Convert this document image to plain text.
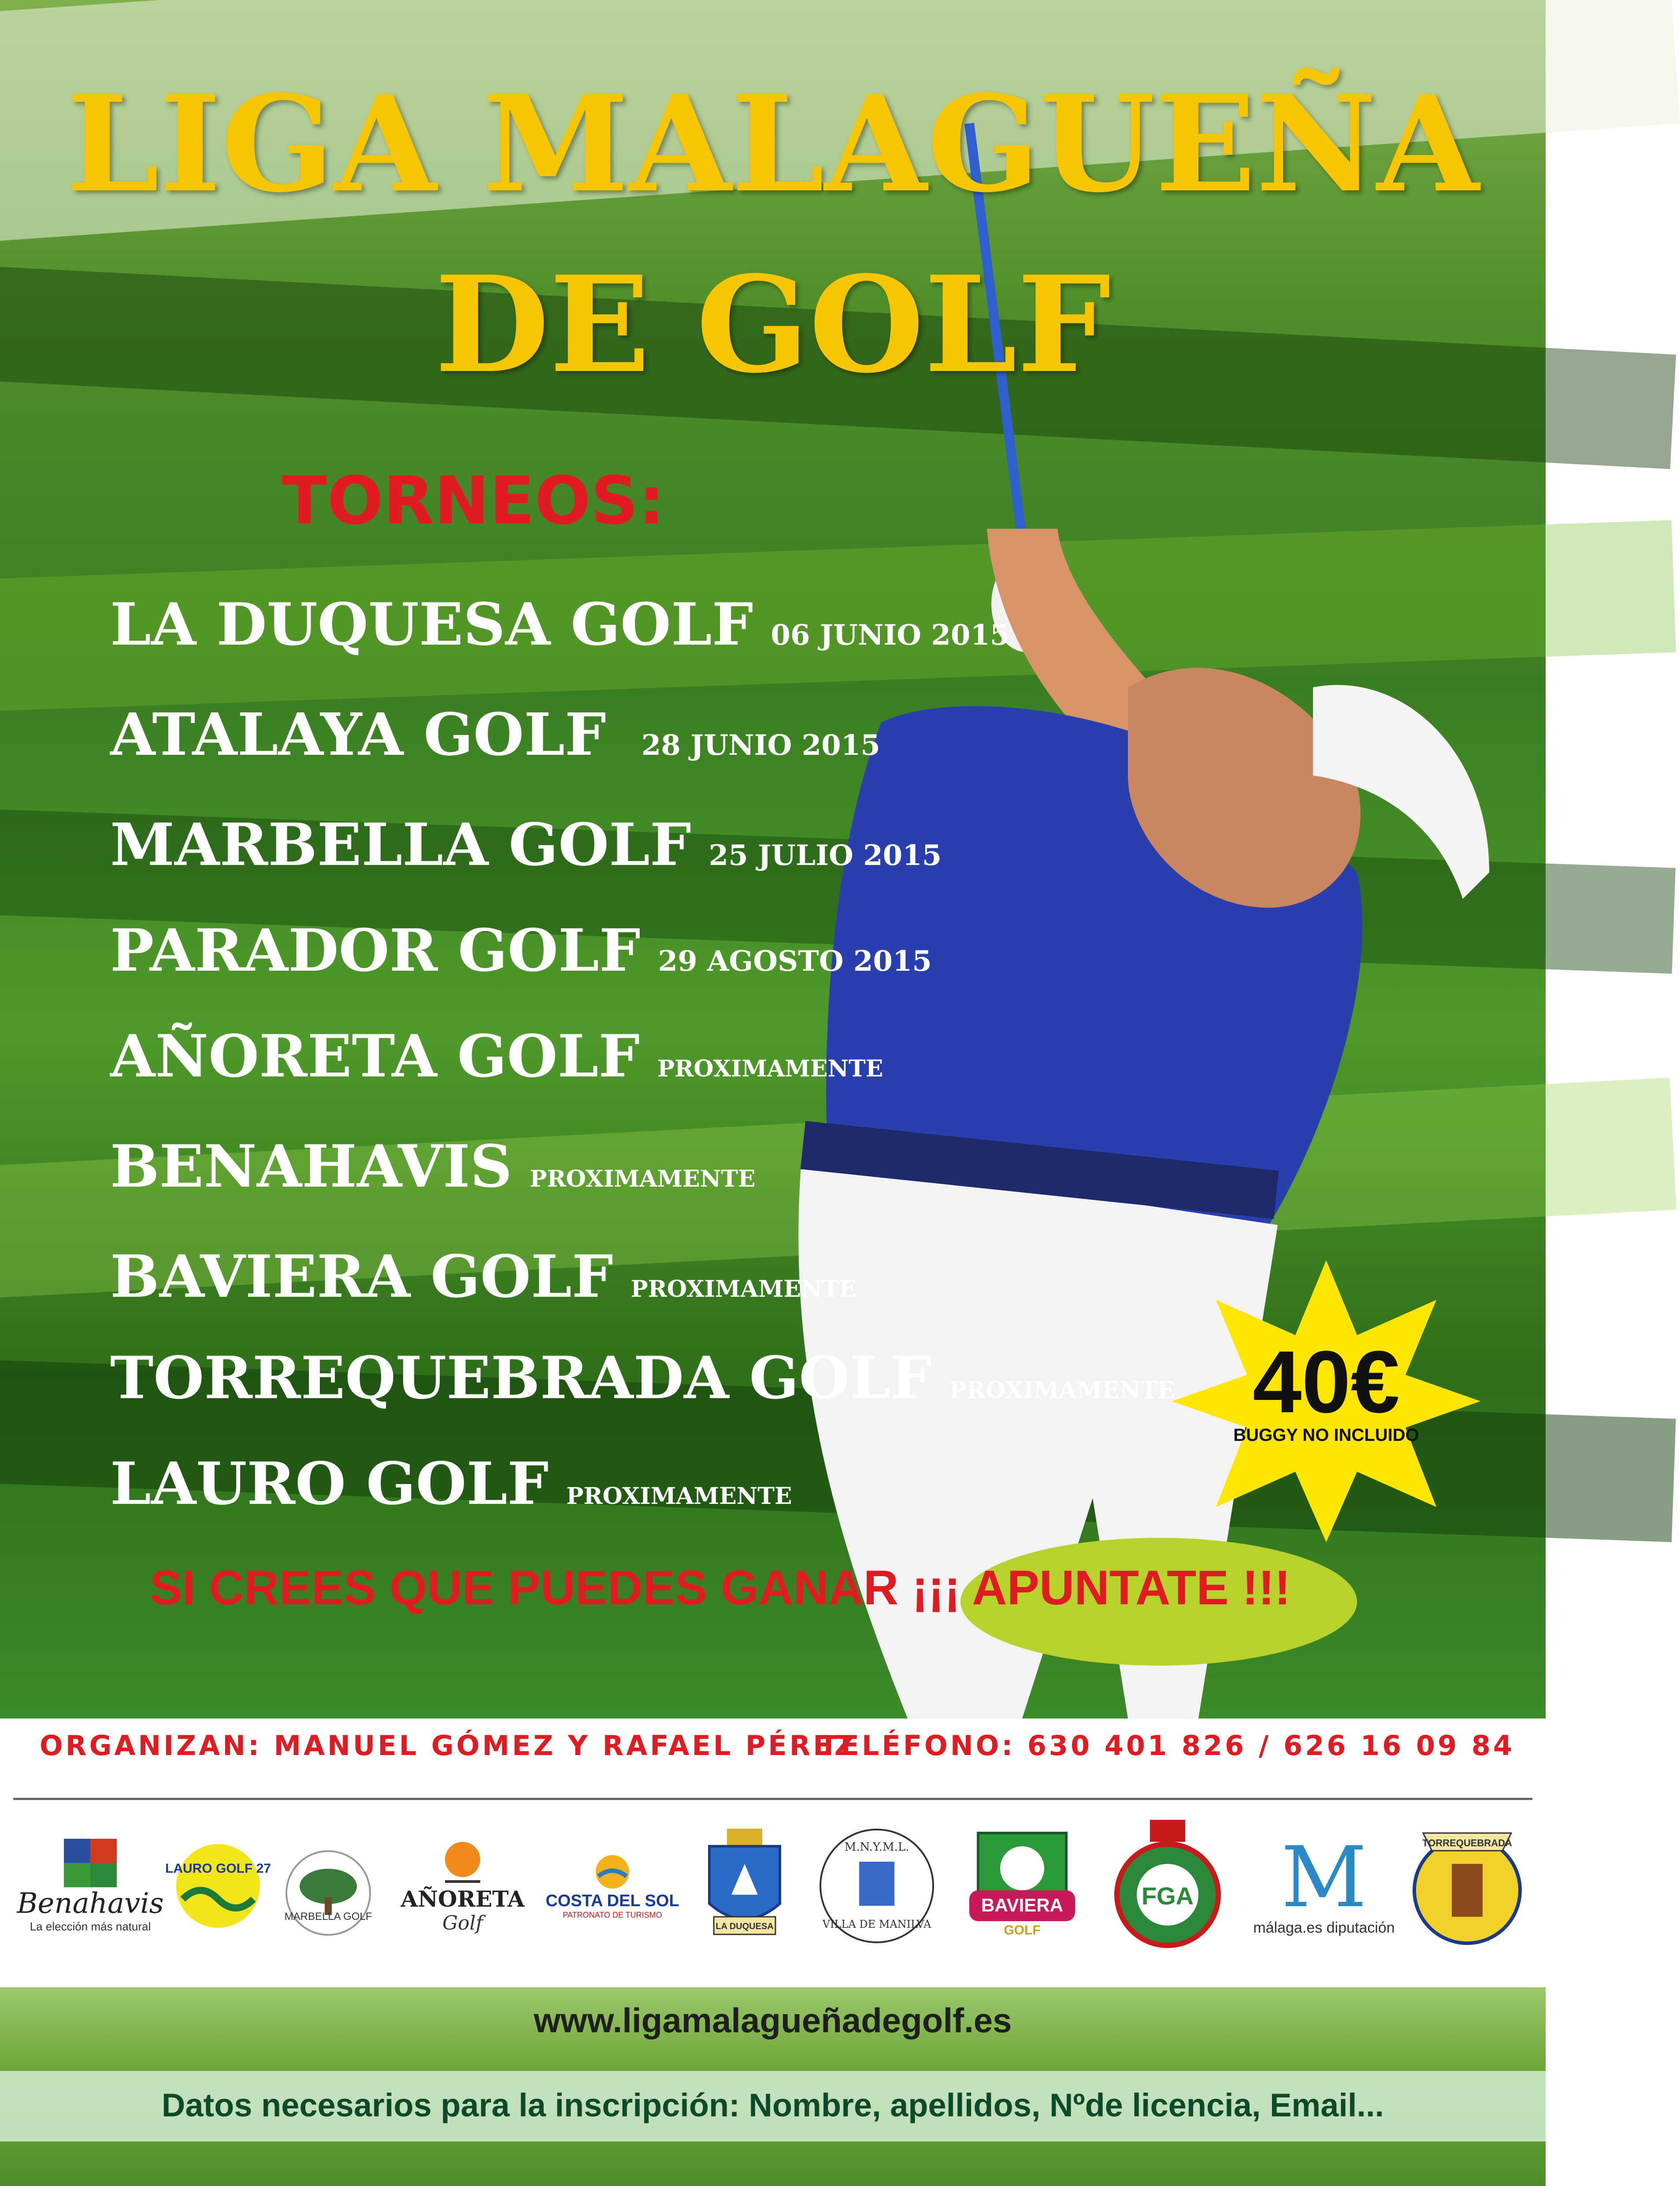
LIGA MALAGUEÑA
DE GOLF
TORNEOS:
LA DUQUESA GOLF 06 JUNIO 2015
ATALAYA GOLF 28 JUNIO 2015
MARBELLA GOLF 25 JULIO 2015
PARADOR GOLF 29 AGOSTO 2015
AÑORETA GOLF PROXIMAMENTE
BENAHAVIS PROXIMAMENTE
BAVIERA GOLF PROXIMAMENTE
TORREQUEBRADA GOLF PROXIMAMENTE
LAURO GOLF PROXIMAMENTE
40€
BUGGY NO INCLUIDO
SI CREES QUE PUEDES GANAR ¡¡¡ APUNTATE !!!
ORGANIZAN: MANUEL GÓMEZ Y RAFAEL PÉREZ
TELÉFONO: 630 401 826 / 626 16 09 84
Benahavis
La elección más natural
LAURO GOLF 27
MARBELLA GOLF
AÑORETA
Golf
COSTA DEL SOL
PATRONATO DE TURISMO
LA DUQUESA
M.N.Y.M.L.
VILLA DE MANILVA
BAVIERA
GOLF
FGA M
málaga.es diputación
TORREQUEBRADA
www.ligamalagueñadegolf.es
Datos necesarios para la inscripción: Nombre, apellidos, Nºde licencia, Email...
